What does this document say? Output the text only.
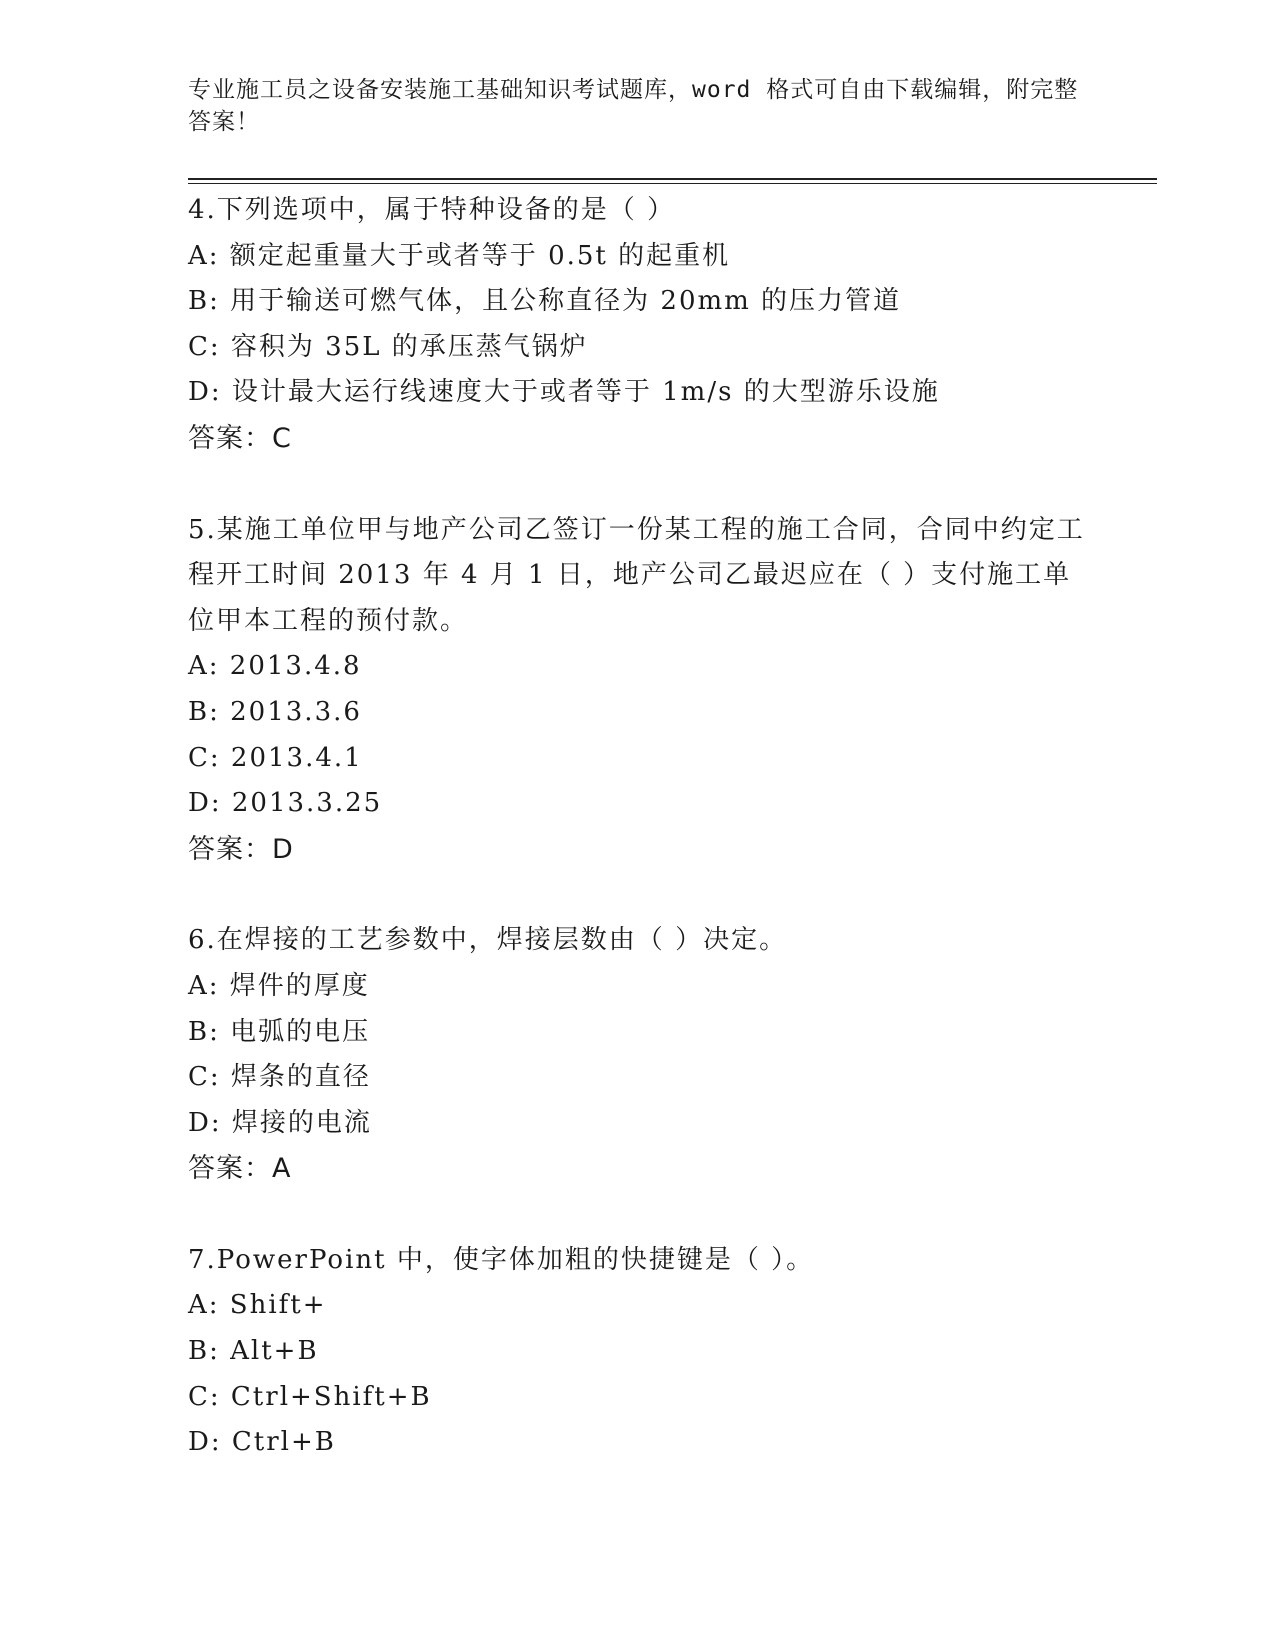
专业施工员之设备安装施工基础知识考试题库，word 格式可自由下载编辑，附完整答案！
4.下列选项中，属于特种设备的是（ ）
A: 额定起重量大于或者等于 0.5t 的起重机
B: 用于输送可燃气体，且公称直径为 20mm 的压力管道
C: 容积为 35L 的承压蒸气锅炉
D: 设计最大运行线速度大于或者等于 1m/s 的大型游乐设施
答案：C
5.某施工单位甲与地产公司乙签订一份某工程的施工合同，合同中约定工程开工时间 2013 年 4 月 1 日，地产公司乙最迟应在（ ）支付施工单位甲本工程的预付款。
A: 2013.4.8
B: 2013.3.6
C: 2013.4.1
D: 2013.3.25
答案：D
6.在焊接的工艺参数中，焊接层数由（ ）决定。
A: 焊件的厚度
B: 电弧的电压
C: 焊条的直径
D: 焊接的电流
答案：A
7.PowerPoint 中，使字体加粗的快捷键是（ ）。
A: Shift+
B: Alt+B
C: Ctrl+Shift+B
D: Ctrl+B
